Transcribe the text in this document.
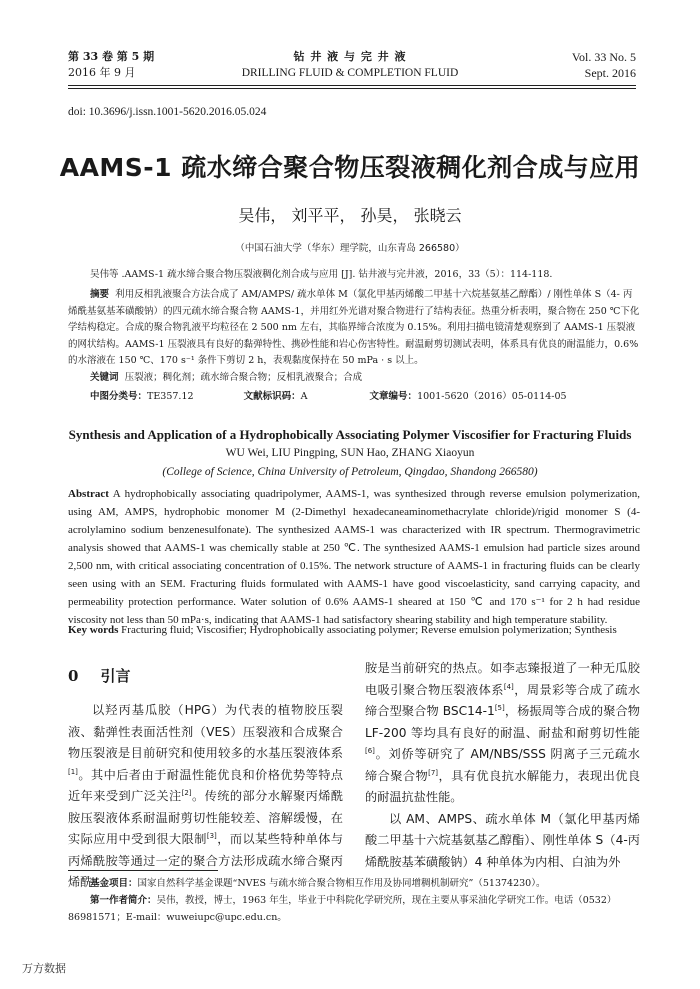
第 33 卷 第 5 期
2016 年 9 月
钻 井 液 与 完 井 液
DRILLING FLUID & COMPLETION FLUID
Vol. 33 No. 5
Sept. 2016
doi: 10.3696/j.issn.1001-5620.2016.05.024
AAMS-1 疏水缔合聚合物压裂液稠化剂合成与应用
吴伟， 刘平平， 孙昊， 张晓云
（中国石油大学（华东）理学院，山东青岛 266580）
吴伟等 .AAMS-1 疏水缔合聚合物压裂液稠化剂合成与应用 [J]. 钻井液与完井液，2016，33（5）：114-118.
摘要 利用反相乳液聚合方法合成了 AM/AMPS/ 疏水单体 M（氯化甲基丙烯酸二甲基十六烷基氨基乙醇酯）/ 刚性单体 S（4- 丙烯酰基氨基苯磺酸钠）的四元疏水缔合聚合物 AAMS-1，并用红外光谱对聚合物进行了结构表征。热重分析表明，聚合物在 250 ℃下化学结构稳定。合成的聚合物乳液平均粒径在 2 500 nm 左右，其临界缔合浓度为 0.15%。利用扫描电镜清楚观察到了 AAMS-1 压裂液的网状结构。AAMS-1 压裂液具有良好的黏弹特性、携砂性能和岩心伤害特性。耐温耐剪切测试表明，体系具有优良的耐温能力，0.6% 的水溶液在 150 ℃、170 s⁻¹ 条件下剪切 2 h，表观黏度保持在 50 mPa · s 以上。
关键词 压裂液；稠化剂；疏水缔合聚合物；反相乳液聚合；合成
中图分类号：TE357.12	文献标识码：A	文章编号：1001-5620（2016）05-0114-05
Synthesis and Application of a Hydrophobically Associating Polymer Viscosifier for Fracturing Fluids
WU Wei, LIU Pingping, SUN Hao, ZHANG Xiaoyun
(College of Science, China University of Petroleum, Qingdao, Shandong 266580)
Abstract A hydrophobically associating quadripolymer, AAMS-1, was synthesized through reverse emulsion polymerization, using AM, AMPS, hydrophobic monomer M (2-Dimethyl hexadecaneaminomethacrylate chloride)/rigid monomer S (4-acrolylamino sodium benzenesulfonate). The synthesized AAMS-1 was characterized with IR spectrum. Thermogravimetric analysis showed that AAMS-1 was chemically stable at 250 ℃. The synthesized AAMS-1 emulsion had particle sizes around 2,500 nm, with critical associating concentration of 0.15%. The network structure of AAMS-1 in fracturing fluids can be clearly seen using with an SEM. Fracturing fluids formulated with AAMS-1 have good viscoelasticity, sand carrying capacity, and permeability protection performance. Water solution of 0.6% AAMS-1 sheared at 150 ℃ and 170 s⁻¹ for 2 h had residue viscosity not less than 50 mPa·s, indicating that AAMS-1 had satisfactory shearing stability and high temperature stability.
Key words Fracturing fluid; Viscosifier; Hydrophobically associating polymer; Reverse emulsion polymerization; Synthesis
0 引言
以羟丙基瓜胶（HPG）为代表的植物胶压裂液、黏弹性表面活性剂（VES）压裂液和合成聚合物压裂液是目前研究和使用较多的水基压裂液体系[1]。其中后者由于耐温性能优良和价格优势等特点近年来受到广泛关注[2]。传统的部分水解聚丙烯酰胺压裂液体系耐温耐剪切性能较差、溶解缓慢，在实际应用中受到很大限制[3]，而以某些特种单体与丙烯酰胺等通过一定的聚合方法形成疏水缔合聚丙烯酰
胺是当前研究的热点。如李志臻报道了一种无瓜胶电吸引聚合物压裂液体系[4]，周景彩等合成了疏水缔合型聚合物 BSC14-1[5]，杨振周等合成的聚合物 LF-200 等均具有良好的耐温、耐盐和耐剪切性能[6]。刘侨等研究了 AM/NBS/SSS 阴离子三元疏水缔合聚合物[7]，具有优良抗水解能力，表现出优良的耐温抗盐性能。
以 AM、AMPS、疏水单体 M（氯化甲基丙烯酸二甲基十六烷基氨基乙醇酯）、刚性单体 S（4-丙烯酰胺基苯磺酸钠）4 种单体为内相、白油为外
基金项目：国家自然科学基金课题“NVES 与疏水缔合聚合物相互作用及协同增稠机制研究”（51374230）。
第一作者简介：吴伟，教授，博士，1963 年生，毕业于中科院化学研究所，现在主要从事采油化学研究工作。电话（0532）86981571；E-mail：wuweiupc@upc.edu.cn。
万方数据
